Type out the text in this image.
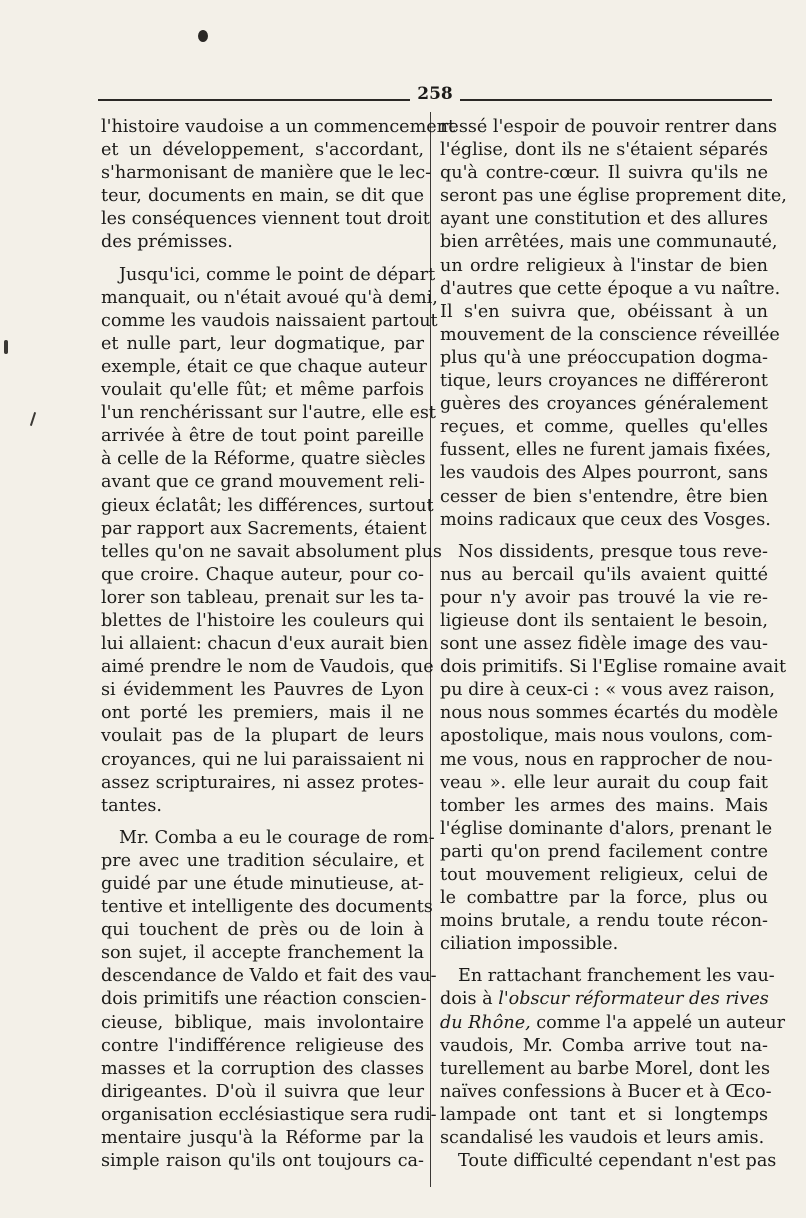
258
l'histoire vaudoise a un commencement
et un développement, s'accordant,
s'harmonisant de manière que le lec-
teur, documents en main, se dit que
les conséquences viennent tout droit
des prémisses.
Jusqu'ici, comme le point de départ
manquait, ou n'était avoué qu'à demi,
comme les vaudois naissaient partout
et nulle part, leur dogmatique, par
exemple, était ce que chaque auteur
voulait qu'elle fût; et même parfois
l'un renchérissant sur l'autre, elle est
arrivée à être de tout point pareille
à celle de la Réforme, quatre siècles
avant que ce grand mouvement reli-
gieux éclatât; les différences, surtout
par rapport aux Sacrements, étaient
telles qu'on ne savait absolument plus
que croire. Chaque auteur, pour co-
lorer son tableau, prenait sur les ta-
blettes de l'histoire les couleurs qui
lui allaient: chacun d'eux aurait bien
aimé prendre le nom de Vaudois, que
si évidemment les Pauvres de Lyon
ont porté les premiers, mais il ne
voulait pas de la plupart de leurs
croyances, qui ne lui paraissaient ni
assez scripturaires, ni assez protes-
tantes.
Mr. Comba a eu le courage de rom-
pre avec une tradition séculaire, et
guidé par une étude minutieuse, at-
tentive et intelligente des documents
qui touchent de près ou de loin à
son sujet, il accepte franchement la
descendance de Valdo et fait des vau-
dois primitifs une réaction conscien-
cieuse, biblique, mais involontaire
contre l'indifférence religieuse des
masses et la corruption des classes
dirigeantes. D'où il suivra que leur
organisation ecclésiastique sera rudi-
mentaire jusqu'à la Réforme par la
simple raison qu'ils ont toujours ca-
ressé l'espoir de pouvoir rentrer dans
l'église, dont ils ne s'étaient séparés
qu'à contre-cœur. Il suivra qu'ils ne
seront pas une église proprement dite,
ayant une constitution et des allures
bien arrêtées, mais une communauté,
un ordre religieux à l'instar de bien
d'autres que cette époque a vu naître.
Il s'en suivra que, obéissant à un
mouvement de la conscience réveillée
plus qu'à une préoccupation dogma-
tique, leurs croyances ne différeront
guères des croyances généralement
reçues, et comme, quelles qu'elles
fussent, elles ne furent jamais fixées,
les vaudois des Alpes pourront, sans
cesser de bien s'entendre, être bien
moins radicaux que ceux des Vosges.
Nos dissidents, presque tous reve-
nus au bercail qu'ils avaient quitté
pour n'y avoir pas trouvé la vie re-
ligieuse dont ils sentaient le besoin,
sont une assez fidèle image des vau-
dois primitifs. Si l'Eglise romaine avait
pu dire à ceux-ci : « vous avez raison,
nous nous sommes écartés du modèle
apostolique, mais nous voulons, com-
me vous, nous en rapprocher de nou-
veau ». elle leur aurait du coup fait
tomber les armes des mains. Mais
l'église dominante d'alors, prenant le
parti qu'on prend facilement contre
tout mouvement religieux, celui de
le combattre par la force, plus ou
moins brutale, a rendu toute récon-
ciliation impossible.
En rattachant franchement les vau-
dois à l'obscur réformateur des rives
du Rhône, comme l'a appelé un auteur
vaudois, Mr. Comba arrive tout na-
turellement au barbe Morel, dont les
naïves confessions à Bucer et à Œco-
lampade ont tant et si longtemps
scandalisé les vaudois et leurs amis.
Toute difficulté cependant n'est pas
